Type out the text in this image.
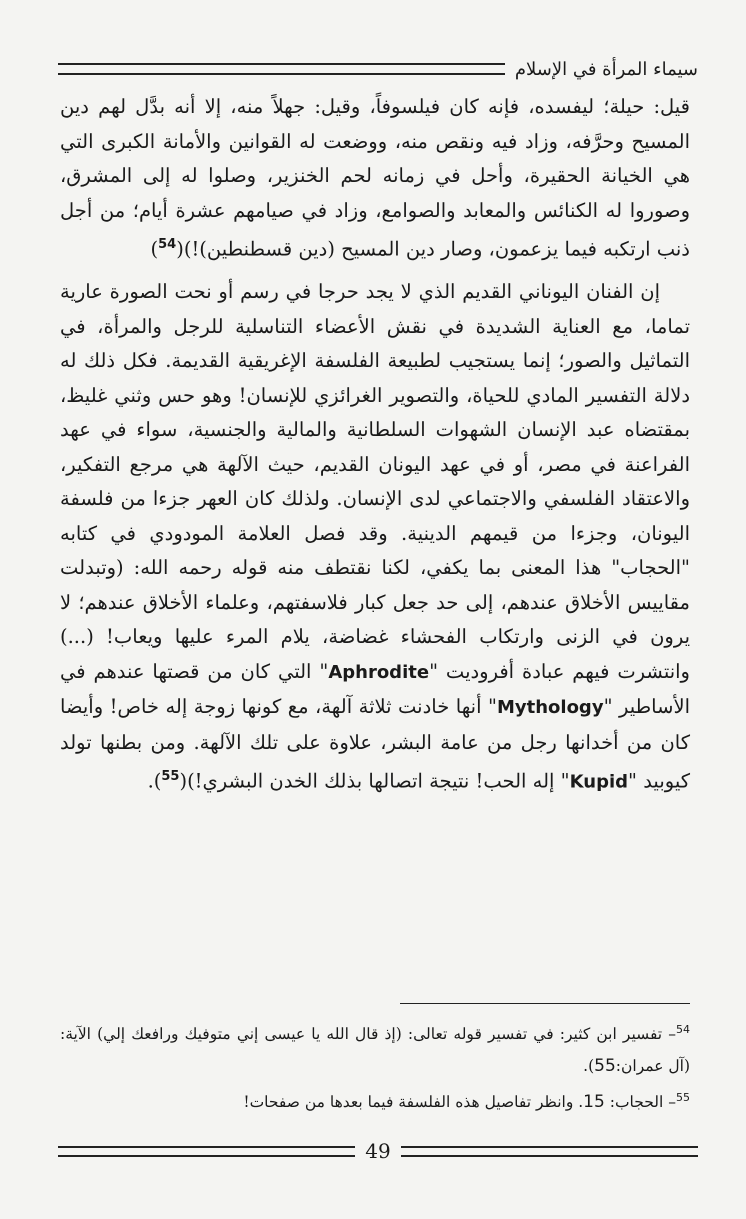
سيماء المرأة في الإسلام

قيل: حيلة؛ ليفسده، فإنه كان فيلسوفاً، وقيل: جهلاً منه، إلا أنه بدَّل لهم دين المسيح وحرَّفه، وزاد فيه ونقص منه، ووضعت له القوانين والأمانة الكبرى التي هي الخيانة الحقيرة، وأحل في زمانه لحم الخنزير، وصلوا له إلى المشرق، وصوروا له الكنائس والمعابد والصوامع، وزاد في صيامهم عشرة أيام؛ من أجل ذنب ارتكبه فيما يزعمون، وصار دين المسيح (دين قسطنطين)!)($^{54}$)

إن الفنان اليوناني القديم الذي لا يجد حرجا في رسم أو نحت الصورة عارية تماما، مع العناية الشديدة في نقش الأعضاء التناسلية للرجل والمرأة، في التماثيل والصور؛ إنما يستجيب لطبيعة الفلسفة الإغريقية القديمة. فكل ذلك له دلالة التفسير المادي للحياة، والتصوير الغرائزي للإنسان! وهو حس وثني غليظ، بمقتضاه عبد الإنسان الشهوات السلطانية والمالية والجنسية، سواء في عهد الفراعنة في مصر، أو في عهد اليونان القديم، حيث الآلهة هي مرجع التفكير، والاعتقاد الفلسفي والاجتماعي لدى الإنسان. ولذلك كان العهر جزءا من فلسفة اليونان، وجزءا من قيمهم الدينية. وقد فصل العلامة المودودي في كتابه "الحجاب" هذا المعنى بما يكفي، لكنا نقتطف منه قوله رحمه الله: (وتبدلت مقاييس الأخلاق عندهم، إلى حد جعل كبار فلاسفتهم، وعلماء الأخلاق عندهم؛ لا يرون في الزنى وارتكاب الفحشاء غضاضة، يلام المرء عليها ويعاب! (...) وانتشرت فيهم عبادة أفروديت "Aphrodite" التي كان من قصتها عندهم في الأساطير "Mythology" أنها خادنت ثلاثة آلهة، مع كونها زوجة إله خاص! وأيضا كان من أخدانها رجل من عامة البشر، علاوة على تلك الآلهة. ومن بطنها تولد كيوبيد "Kupid" إله الحب! نتيجة اتصالها بذلك الخدن البشري!)($^{55}$).

$^{54}$– تفسير ابن كثير: في تفسير قوله تعالى: (إذ قال الله يا عيسى إني متوفيك ورافعك إلي) الآية: (آل عمران:55).

$^{55}$– الحجاب: 15. وانظر تفاصيل هذه الفلسفة فيما بعدها من صفحات!

49
